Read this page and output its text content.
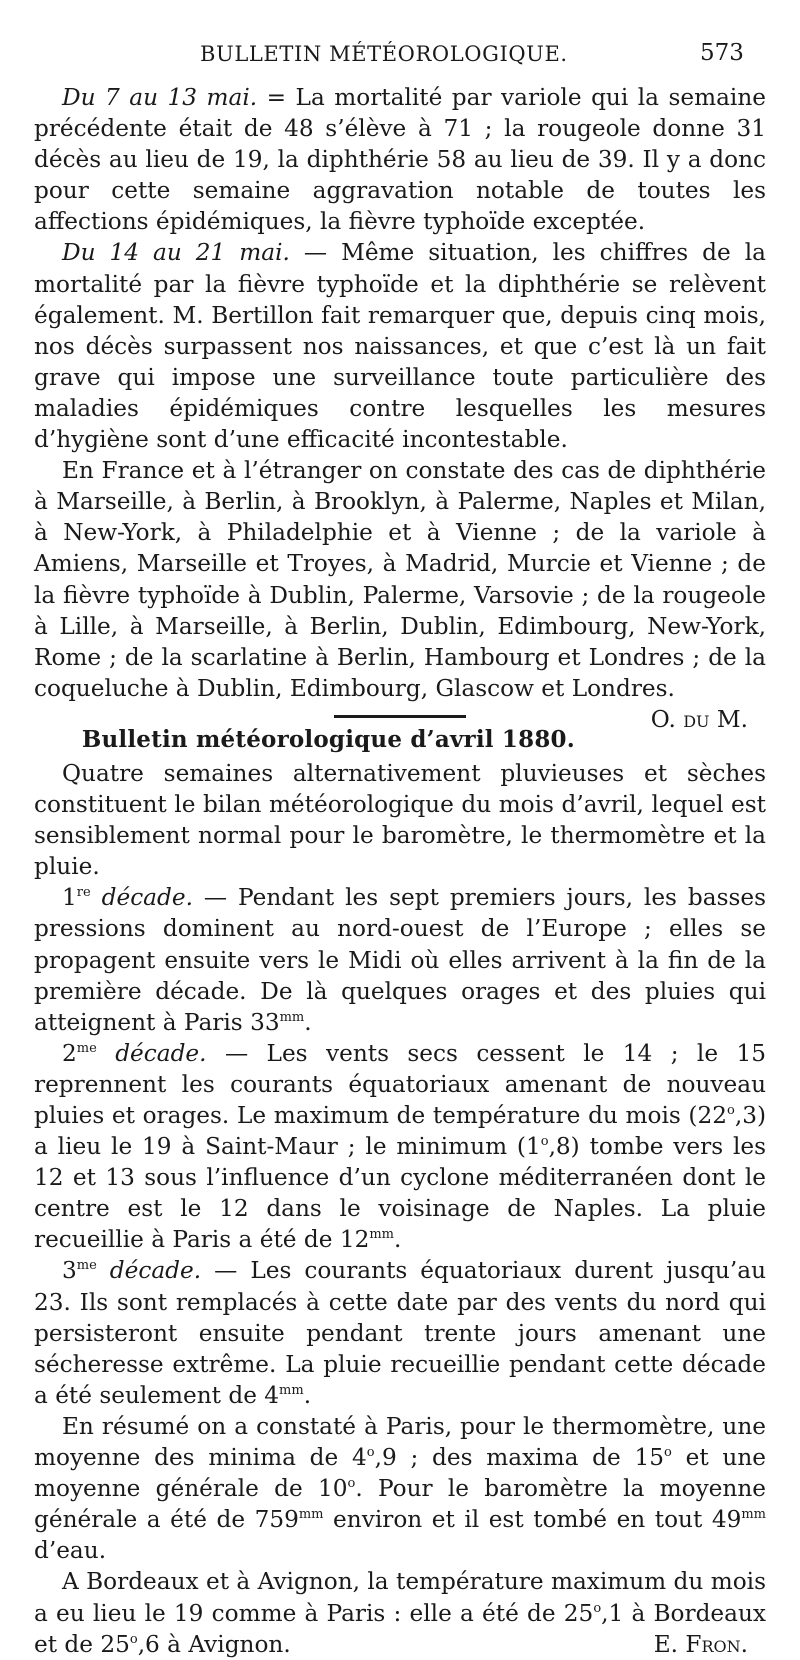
BULLETIN MÉTÉOROLOGIQUE.	573

Du 7 au 13 mai. = La mortalité par variole qui la semaine précédente était de 48 s’élève à 71 ; la rougeole donne 31 décès au lieu de 19, la diphthérie 58 au lieu de 39. Il y a donc pour cette semaine aggravation notable de toutes les affections épidémiques, la fièvre typhoïde exceptée.

Du 14 au 21 mai. — Même situation, les chiffres de la mortalité par la fièvre typhoïde et la diphthérie se relèvent également. M. Bertillon fait remarquer que, depuis cinq mois, nos décès surpassent nos naissances, et que c’est là un fait grave qui impose une surveillance toute particulière des maladies épidémiques contre lesquelles les mesures d’hygiène sont d’une efficacité incontestable.

En France et à l’étranger on constate des cas de diphthérie à Marseille, à Berlin, à Brooklyn, à Palerme, Naples et Milan, à New-York, à Philadelphie et à Vienne ; de la variole à Amiens, Marseille et Troyes, à Madrid, Murcie et Vienne ; de la fièvre typhoïde à Dublin, Palerme, Varsovie ; de la rougeole à Lille, à Marseille, à Berlin, Dublin, Edimbourg, New-York, Rome ; de la scarlatine à Berlin, Hambourg et Londres ; de la coqueluche à Dublin, Edimbourg, Glascow et Londres.
O. du M.

Bulletin météorologique d’avril 1880.

Quatre semaines alternativement pluvieuses et sèches constituent le bilan météorologique du mois d’avril, lequel est sensiblement normal pour le baromètre, le thermomètre et la pluie.

1re décade. — Pendant les sept premiers jours, les basses pressions dominent au nord-ouest de l’Europe ; elles se propagent ensuite vers le Midi où elles arrivent à la fin de la première décade. De là quelques orages et des pluies qui atteignent à Paris $33^{mm}$.

$2^{me}$ décade. — Les vents secs cessent le 14 ; le 15 reprennent les courants équatoriaux amenant de nouveau pluies et orages. Le maximum de température du mois (22$^o$,3) a lieu le 19 à Saint-Maur ; le minimum (1$^o$,8) tombe vers les 12 et 13 sous l’influence d’un cyclone méditerranéen dont le centre est le 12 dans le voisinage de Naples. La pluie recueillie à Paris a été de $12^{mm}$.

$3^{me}$ décade. — Les courants équatoriaux durent jusqu’au 23. Ils sont remplacés à cette date par des vents du nord qui persisteront ensuite pendant trente jours amenant une sécheresse extrême. La pluie recueillie pendant cette décade a été seulement de $4^{mm}$.

En résumé on a constaté à Paris, pour le thermomètre, une moyenne des minima de 4$^o$,9 ; des maxima de 15$^o$ et une moyenne générale de 10$^o$. Pour le baromètre la moyenne générale a été de $759^{mm}$ environ et il est tombé en tout $49^{mm}$ d’eau.

A Bordeaux et à Avignon, la température maximum du mois a eu lieu le 19 comme à Paris : elle a été de 25$^o$,1 à Bordeaux et de 25$^o$,6 à Avignon.	E. Fron.
